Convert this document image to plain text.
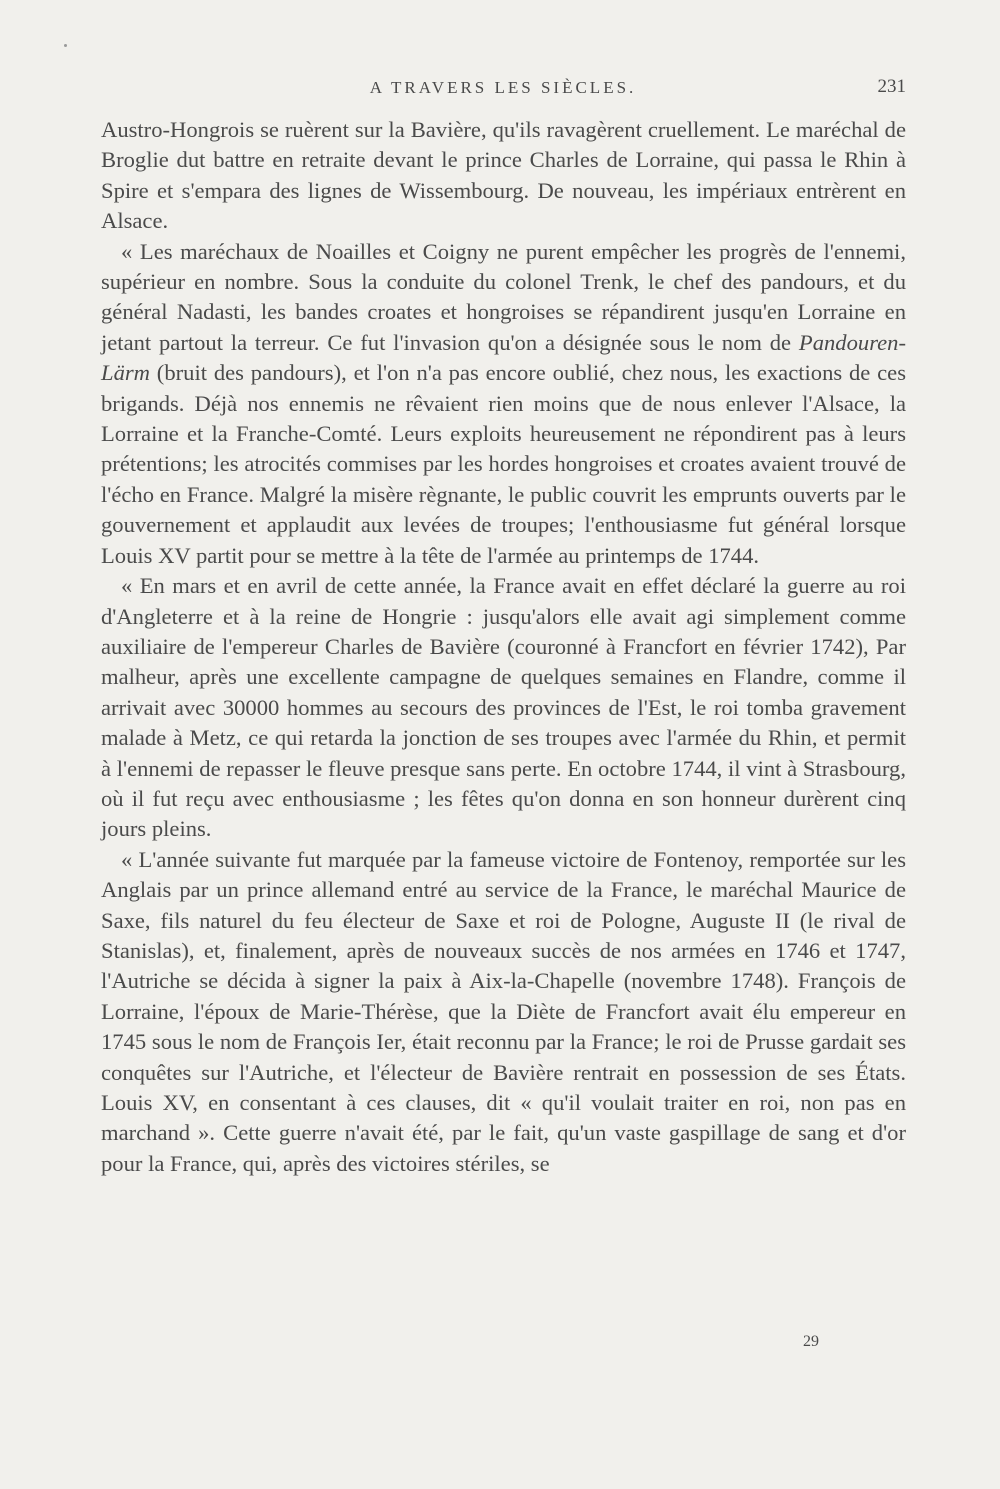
A TRAVERS LES SIÈCLES.	231

Austro-Hongrois se ruèrent sur la Bavière, qu'ils ravagèrent cruellement. Le maréchal de Broglie dut battre en retraite devant le prince Charles de Lorraine, qui passa le Rhin à Spire et s'empara des lignes de Wissembourg. De nouveau, les impériaux entrèrent en Alsace.

« Les maréchaux de Noailles et Coigny ne purent empêcher les progrès de l'ennemi, supérieur en nombre. Sous la conduite du colonel Trenk, le chef des pandours, et du général Nadasti, les bandes croates et hongroises se répandirent jusqu'en Lorraine en jetant partout la terreur. Ce fut l'invasion qu'on a désignée sous le nom de Pandouren-Lärm (bruit des pandours), et l'on n'a pas encore oublié, chez nous, les exactions de ces brigands. Déjà nos ennemis ne rêvaient rien moins que de nous enlever l'Alsace, la Lorraine et la Franche-Comté. Leurs exploits heureusement ne répondirent pas à leurs prétentions; les atrocités commises par les hordes hongroises et croates avaient trouvé de l'écho en France. Malgré la misère règnante, le public couvrit les emprunts ouverts par le gouvernement et applaudit aux levées de troupes; l'enthousiasme fut général lorsque Louis XV partit pour se mettre à la tête de l'armée au printemps de 1744.

« En mars et en avril de cette année, la France avait en effet déclaré la guerre au roi d'Angleterre et à la reine de Hongrie : jusqu'alors elle avait agi simplement comme auxiliaire de l'empereur Charles de Bavière (couronné à Francfort en février 1742), Par malheur, après une excellente campagne de quelques semaines en Flandre, comme il arrivait avec 30000 hommes au secours des provinces de l'Est, le roi tomba gravement malade à Metz, ce qui retarda la jonction de ses troupes avec l'armée du Rhin, et permit à l'ennemi de repasser le fleuve presque sans perte. En octobre 1744, il vint à Strasbourg, où il fut reçu avec enthousiasme ; les fêtes qu'on donna en son honneur durèrent cinq jours pleins.

« L'année suivante fut marquée par la fameuse victoire de Fontenoy, remportée sur les Anglais par un prince allemand entré au service de la France, le maréchal Maurice de Saxe, fils naturel du feu électeur de Saxe et roi de Pologne, Auguste II (le rival de Stanislas), et, finalement, après de nouveaux succès de nos armées en 1746 et 1747, l'Autriche se décida à signer la paix à Aix-la-Chapelle (novembre 1748). François de Lorraine, l'époux de Marie-Thérèse, que la Diète de Francfort avait élu empereur en 1745 sous le nom de François Ier, était reconnu par la France; le roi de Prusse gardait ses conquêtes sur l'Autriche, et l'électeur de Bavière rentrait en possession de ses États. Louis XV, en consentant à ces clauses, dit « qu'il voulait traiter en roi, non pas en marchand ». Cette guerre n'avait été, par le fait, qu'un vaste gaspillage de sang et d'or pour la France, qui, après des victoires stériles, se

29
